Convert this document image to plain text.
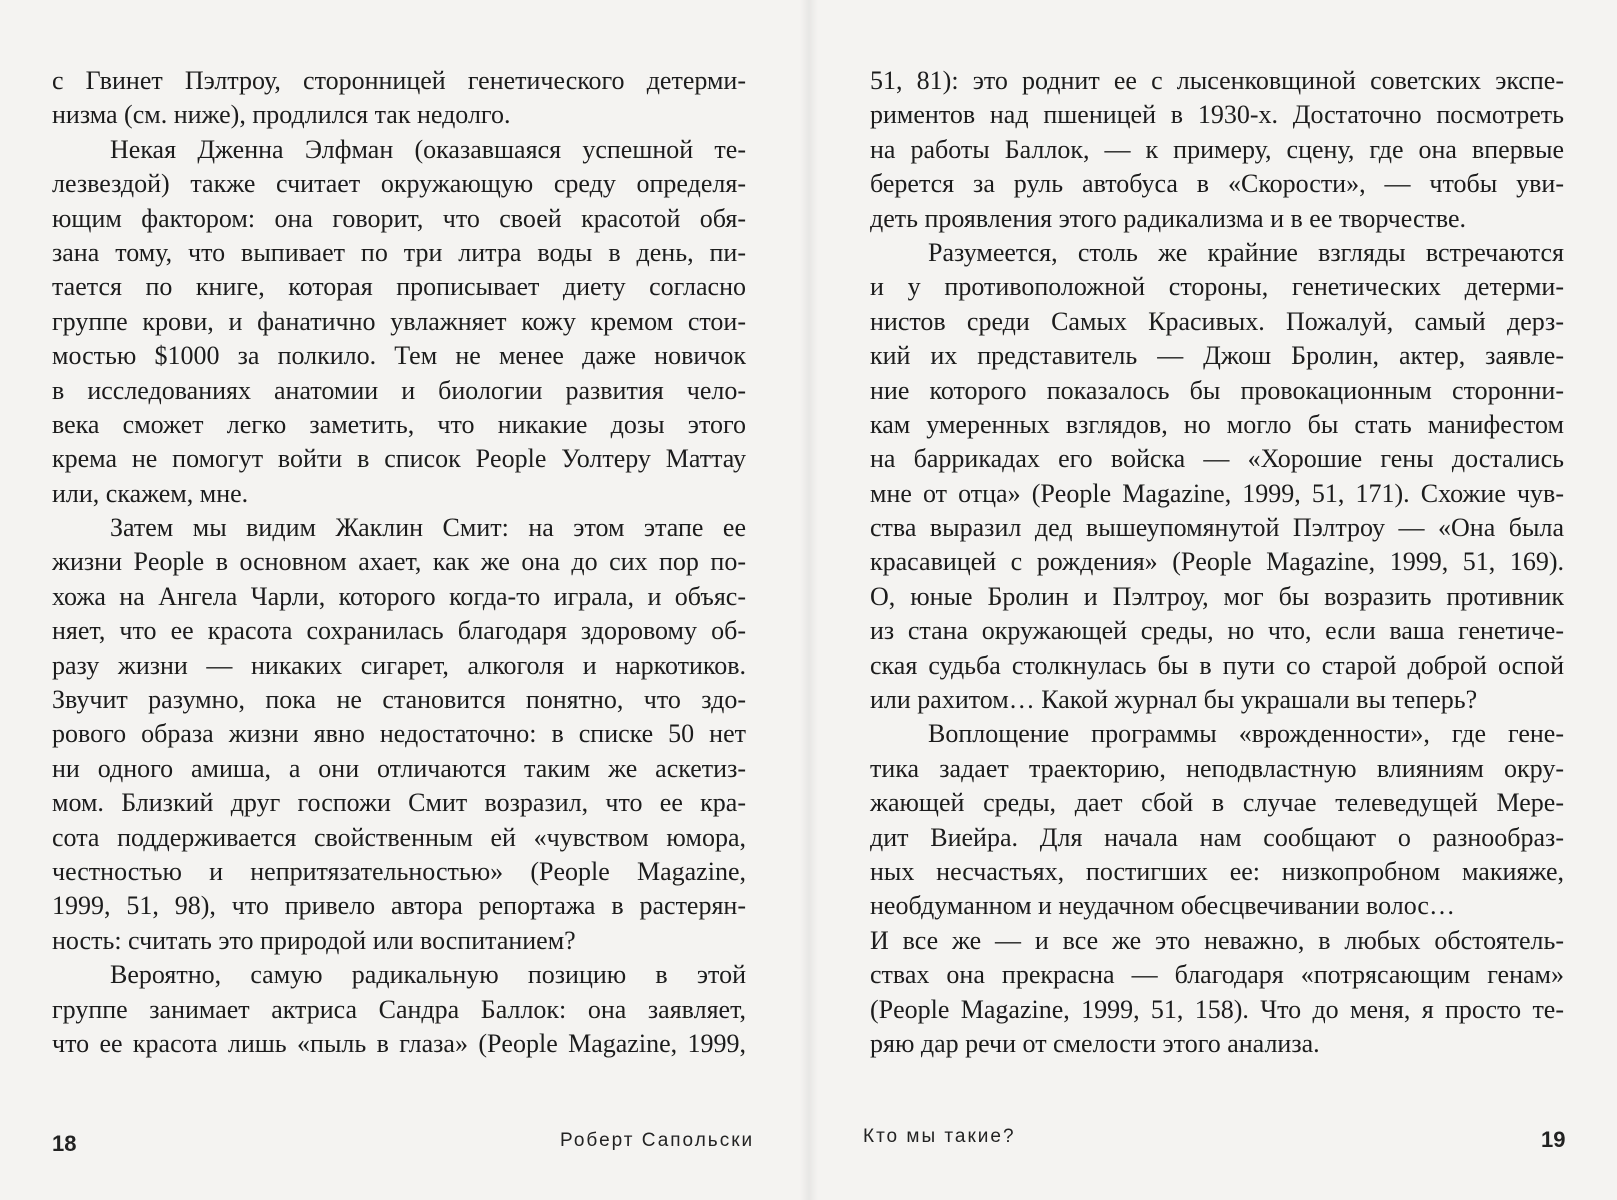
с Гвинет Пэлтроу, сторонницей генетического детерми-
низма (см. ниже), продлился так недолго.
Некая Дженна Элфман (оказавшаяся успешной те-
лезвездой) также считает окружающую среду определя-
ющим фактором: она говорит, что своей красотой обя-
зана тому, что выпивает по три литра воды в день, пи-
тается по книге, которая прописывает диету согласно
группе крови, и фанатично увлажняет кожу кремом стои-
мостью $1000 за полкило. Тем не менее даже новичок
в исследованиях анатомии и биологии развития чело-
века сможет легко заметить, что никакие дозы этого
крема не помогут войти в список People Уолтеру Маттау
или, скажем, мне.
Затем мы видим Жаклин Смит: на этом этапе ее
жизни People в основном ахает, как же она до сих пор по-
хожа на Ангела Чарли, которого когда-то играла, и объяс-
няет, что ее красота сохранилась благодаря здоровому об-
разу жизни — никаких сигарет, алкоголя и наркотиков.
Звучит разумно, пока не становится понятно, что здо-
рового образа жизни явно недостаточно: в списке 50 нет
ни одного амиша, а они отличаются таким же аскетиз-
мом. Близкий друг госпожи Смит возразил, что ее кра-
сота поддерживается свойственным ей «чувством юмора,
честностью и непритязательностью» (People Magazine,
1999, 51, 98), что привело автора репортажа в растерян-
ность: считать это природой или воспитанием?
Вероятно, самую радикальную позицию в этой
группе занимает актриса Сандра Баллок: она заявляет,
что ее красота лишь «пыль в глаза» (People Magazine, 1999,
18	Роберт Сапольски
51, 81): это роднит ее с лысенковщиной советских экспе-
риментов над пшеницей в 1930-х. Достаточно посмотреть
на работы Баллок, — к примеру, сцену, где она впервые
берется за руль автобуса в «Скорости», — чтобы уви-
деть проявления этого радикализма и в ее творчестве.
Разумеется, столь же крайние взгляды встречаются
и у противоположной стороны, генетических детерми-
нистов среди Самых Красивых. Пожалуй, самый дерз-
кий их представитель — Джош Бролин, актер, заявле-
ние которого показалось бы провокационным сторонни-
кам умеренных взглядов, но могло бы стать манифестом
на баррикадах его войска — «Хорошие гены достались
мне от отца» (People Magazine, 1999, 51, 171). Схожие чув-
ства выразил дед вышеупомянутой Пэлтроу — «Она была
красавицей с рождения» (People Magazine, 1999, 51, 169).
О, юные Бролин и Пэлтроу, мог бы возразить противник
из стана окружающей среды, но что, если ваша генетиче-
ская судьба столкнулась бы в пути со старой доброй оспой
или рахитом… Какой журнал бы украшали вы теперь?
Воплощение программы «врожденности», где гене-
тика задает траекторию, неподвластную влияниям окру-
жающей среды, дает сбой в случае телеведущей Мере-
дит Виейра. Для начала нам сообщают о разнообраз-
ных несчастьях, постигших ее: низкопробном макияже,
необдуманном и неудачном обесцвечивании волос…
И все же — и все же это неважно, в любых обстоятель-
ствах она прекрасна — благодаря «потрясающим генам»
(People Magazine, 1999, 51, 158). Что до меня, я просто те-
ряю дар речи от смелости этого анализа.
Кто мы такие?	19
